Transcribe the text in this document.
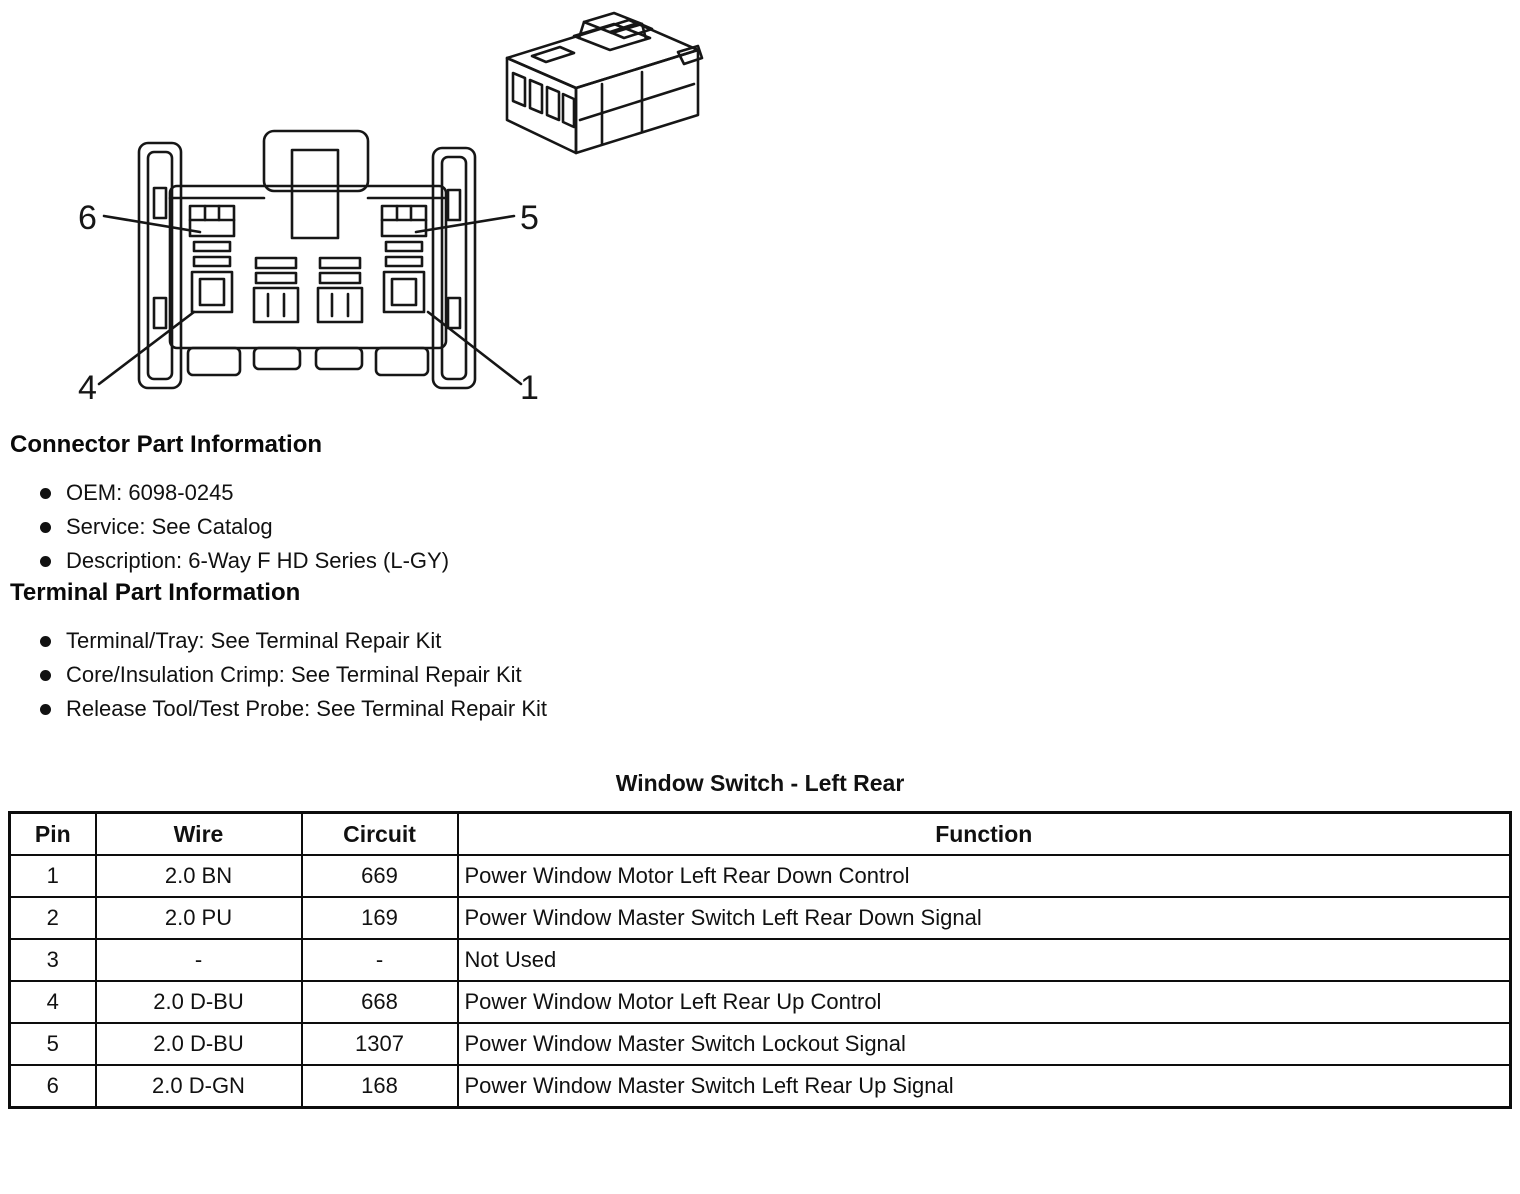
6	5
4	1
Connector Part Information
OEM: 6098-0245
Service: See Catalog
Description: 6-Way F HD Series (L-GY)
Terminal Part Information
Terminal/Tray: See Terminal Repair Kit
Core/Insulation Crimp: See Terminal Repair Kit
Release Tool/Test Probe: See Terminal Repair Kit
Window Switch - Left Rear
Pin	Wire	Circuit	Function
1	2.0 BN	669	Power Window Motor Left Rear Down Control
2	2.0 PU	169	Power Window Master Switch Left Rear Down Signal
3	-	-	Not Used
4	2.0 D-BU	668	Power Window Motor Left Rear Up Control
5	2.0 D-BU	1307	Power Window Master Switch Lockout Signal
6	2.0 D-GN	168	Power Window Master Switch Left Rear Up Signal
